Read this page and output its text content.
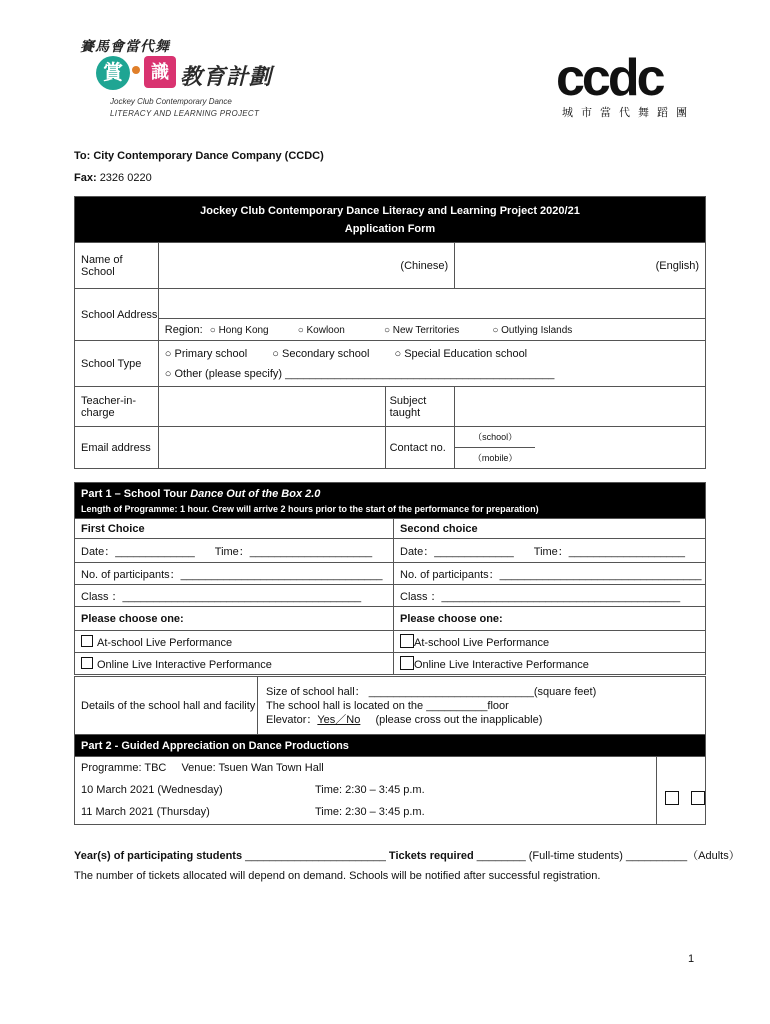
賽馬會當代舞
賞	識 教育計劃
Jockey Club Contemporary Dance
LITERACY AND LEARNING PROJECT
ccdc
城市當代舞蹈團
To: City Contemporary Dance Company (CCDC)
Fax: 2326 0220
Jockey Club Contemporary Dance Literacy and Learning Project 2020/21
Application Form			

Name of School	(Chinese)		(English)
School Address			
	Region: ○ Hong Kong ○ Kowloon ○ New Territories ○ Outlying Islands		
School Type	○ Primary school ○ Secondary school ○ Special Education school
○ Other (please specify) ____________________________________________		

Teacher-in-charge		Subject taught	

Email address		Contact no.	（school）
（mobile）
Part 1 – School Tour Dance Out of the Box 2.0
Length of Programme: 1 hour. Crew will arrive 2 hours prior to the start of the performance for preparation)	

First Choice	Second choice
Date：_____________ Time：____________________	Date：_____________ Time：___________________
No. of participants：_________________________________	No. of participants：_________________________________
Class ：_______________________________________	Class ：_______________________________________
Please choose one:	Please choose one:
At-school Live Performance	At-school Live Performance
Online Live Interactive Performance	Online Live Interactive Performance
Details of the school hall and facility	
Size of school hall： ___________________________(square feet)
The school hall is located on the __________floor
Elevator：Yes／No (please cross out the inapplicable)
Part 2 - Guided Appreciation on Dance Productions		
Programme: TBC Venue: Tsuen Wan Town Hall		
10 March 2021 (Wednesday)	Time: 2:30 – 3:45 p.m.	
11 March 2021 (Thursday)	Time: 2:30 – 3:45 p.m.	
Year(s) of participating students _______________________ Tickets required ________ (Full-time students) __________（Adults）
The number of tickets allocated will depend on demand. Schools will be notified after successful registration.
1
